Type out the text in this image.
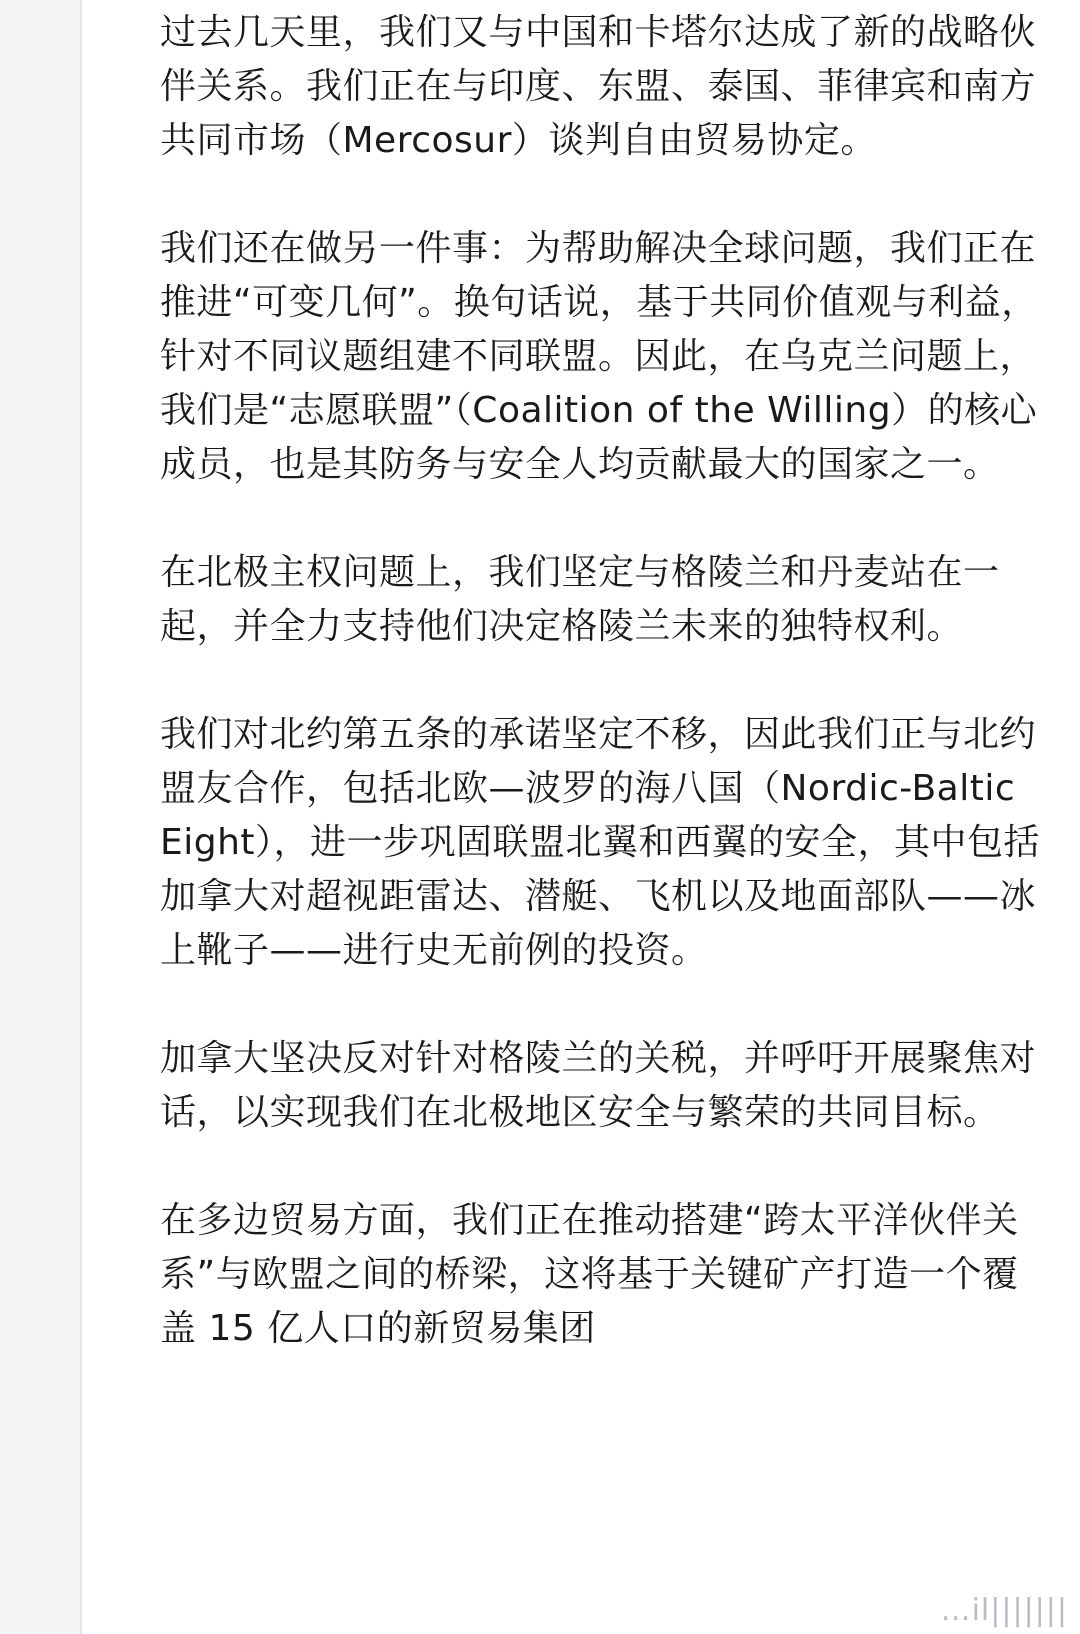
过去几天里，我们又与中国和卡塔尔达成了新的战略伙伴关系。我们正在与印度、东盟、泰国、菲律宾和南方共同市场（Mercosur）谈判自由贸易协定。

我们还在做另一件事：为帮助解决全球问题，我们正在推进“可变几何”。换句话说，基于共同价值观与利益，针对不同议题组建不同联盟。因此，在乌克兰问题上，我们是“志愿联盟”（Coalition of the Willing）的核心成员，也是其防务与安全人均贡献最大的国家之一。

在北极主权问题上，我们坚定与格陵兰和丹麦站在一起，并全力支持他们决定格陵兰未来的独特权利。

我们对北约第五条的承诺坚定不移，因此我们正与北约盟友合作，包括北欧—波罗的海八国（Nordic-Baltic Eight），进一步巩固联盟北翼和西翼的安全，其中包括加拿大对超视距雷达、潜艇、飞机以及地面部队——冰上靴子——进行史无前例的投资。

加拿大坚决反对针对格陵兰的关税，并呼吁开展聚焦对话，以实现我们在北极地区安全与繁荣的共同目标。

在多边贸易方面，我们正在推动搭建“跨太平洋伙伴关系”与欧盟之间的桥梁，这将基于关键矿产打造一个覆盖 15 亿人口的新贸易集团

…il|||||||
